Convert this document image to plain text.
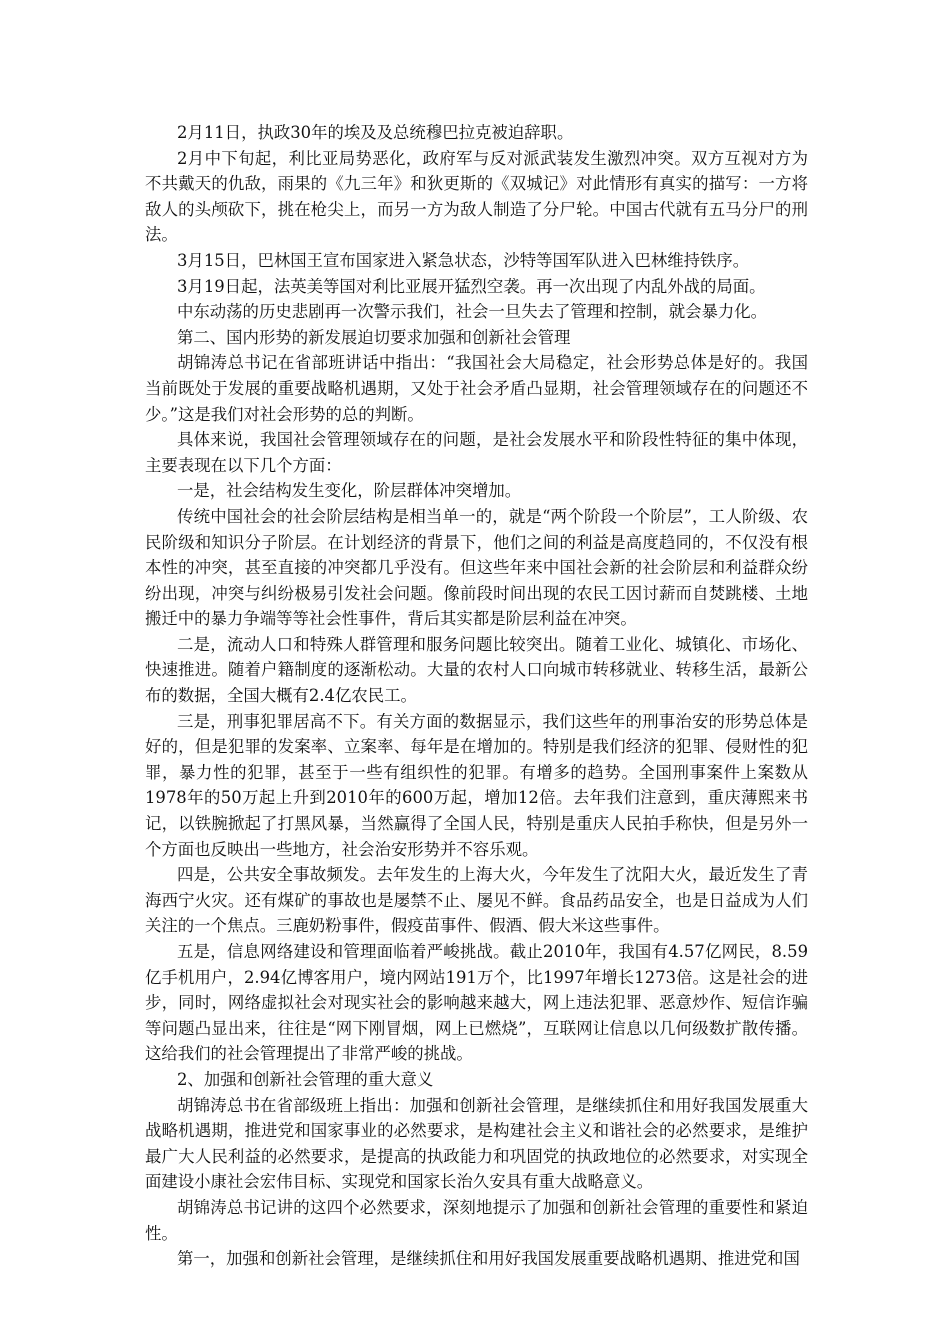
2月11日，执政30年的埃及及总统穆巴拉克被迫辞职。

2月中下旬起，利比亚局势恶化，政府军与反对派武装发生激烈冲突。双方互视对方为不共戴天的仇敌，雨果的《九三年》和狄更斯的《双城记》对此情形有真实的描写：一方将敌人的头颅砍下，挑在枪尖上，而另一方为敌人制造了分尸轮。中国古代就有五马分尸的刑法。

3月15日，巴林国王宣布国家进入紧急状态，沙特等国军队进入巴林维持铁序。

3月19日起，法英美等国对利比亚展开猛烈空袭。再一次出现了内乱外战的局面。

中东动荡的历史悲剧再一次警示我们，社会一旦失去了管理和控制，就会暴力化。

第二、国内形势的新发展迫切要求加强和创新社会管理

胡锦涛总书记在省部班讲话中指出：“我国社会大局稳定，社会形势总体是好的。我国当前既处于发展的重要战略机遇期，又处于社会矛盾凸显期，社会管理领域存在的问题还不少。”这是我们对社会形势的总的判断。

具体来说，我国社会管理领域存在的问题，是社会发展水平和阶段性特征的集中体现，主要表现在以下几个方面：

一是，社会结构发生变化，阶层群体冲突增加。

传统中国社会的社会阶层结构是相当单一的，就是“两个阶段一个阶层”，工人阶级、农民阶级和知识分子阶层。在计划经济的背景下，他们之间的利益是高度趋同的，不仅没有根本性的冲突，甚至直接的冲突都几乎没有。但这些年来中国社会新的社会阶层和利益群众纷纷出现，冲突与纠纷极易引发社会问题。像前段时间出现的农民工因讨薪而自焚跳楼、土地搬迁中的暴力争端等等社会性事件，背后其实都是阶层利益在冲突。

二是，流动人口和特殊人群管理和服务问题比较突出。随着工业化、城镇化、市场化、快速推进。随着户籍制度的逐渐松动。大量的农村人口向城市转移就业、转移生活，最新公布的数据，全国大概有2.4亿农民工。

三是，刑事犯罪居高不下。有关方面的数据显示，我们这些年的刑事治安的形势总体是好的，但是犯罪的发案率、立案率、每年是在增加的。特别是我们经济的犯罪、侵财性的犯罪，暴力性的犯罪，甚至于一些有组织性的犯罪。有增多的趋势。全国刑事案件上案数从1978年的50万起上升到2010年的600万起，增加12倍。去年我们注意到，重庆薄熙来书记，以铁腕掀起了打黑风暴，当然赢得了全国人民，特别是重庆人民拍手称快，但是另外一个方面也反映出一些地方，社会治安形势并不容乐观。

四是，公共安全事故频发。去年发生的上海大火，今年发生了沈阳大火，最近发生了青海西宁火灾。还有煤矿的事故也是屡禁不止、屡见不鲜。食品药品安全，也是日益成为人们关注的一个焦点。三鹿奶粉事件，假疫苗事件、假酒、假大米这些事件。

五是，信息网络建设和管理面临着严峻挑战。截止2010年，我国有4.57亿网民，8.59亿手机用户，2.94亿博客用户，境内网站191万个，比1997年增长1273倍。这是社会的进步，同时，网络虚拟社会对现实社会的影响越来越大，网上违法犯罪、恶意炒作、短信诈骗等问题凸显出来，往往是“网下刚冒烟，网上已燃烧”，互联网让信息以几何级数扩散传播。这给我们的社会管理提出了非常严峻的挑战。

2、加强和创新社会管理的重大意义

胡锦涛总书在省部级班上指出：加强和创新社会管理，是继续抓住和用好我国发展重大战略机遇期，推进党和国家事业的必然要求，是构建社会主义和谐社会的必然要求，是维护最广大人民利益的必然要求，是提高的执政能力和巩固党的执政地位的必然要求，对实现全面建设小康社会宏伟目标、实现党和国家长治久安具有重大战略意义。

胡锦涛总书记讲的这四个必然要求，深刻地提示了加强和创新社会管理的重要性和紧迫性。

第一，加强和创新社会管理，是继续抓住和用好我国发展重要战略机遇期、推进党和国
